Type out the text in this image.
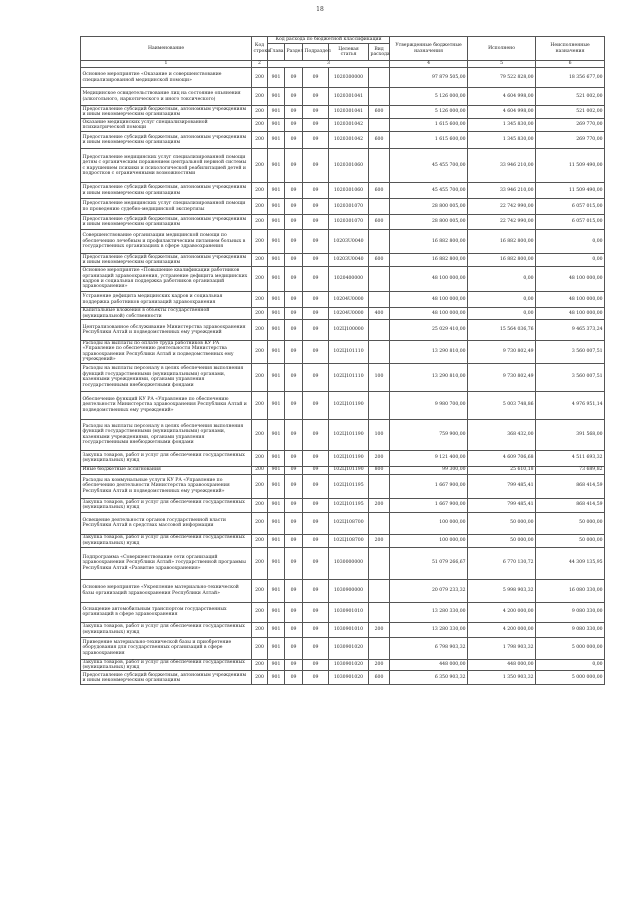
18
Наименование	Код строки	Код расхода по бюджетной классификации					Утвержденные бюджетные назначения	Исполнено	Неисполненные назначения
		Глава	Раздел	Подраздел	Целевая статья	Вид расхода			
1	2	3					4	5	6
Основное мероприятие «Оказание и совершенствование специализированной медицинской помощи»	200	901	09	09	1020300000		97 879 505,00	79 522 828,00	18 356 677,00
Медицинское освидетельствование лиц на состояние опьянения (алкогольного, наркотического и иного токсического)	200	901	09	09	1020301041		5 126 000,00	4 604 998,00	521 002,00
Предоставление субсидий бюджетным, автономным учреждениям и иным некоммерческим организациям	200	901	09	09	1020301041	600	5 126 000,00	4 604 998,00	521 002,00
Оказание медицинских услуг специализированной психиатрической помощи	200	901	09	09	1020301042		1 615 600,00	1 345 830,00	269 770,00
Предоставление субсидий бюджетным, автономным учреждениям и иным некоммерческим организациям	200	901	09	09	1020301042	600	1 615 600,00	1 345 830,00	269 770,00
Предоставление медицинских услуг специализированной помощи детям с органическим поражением центральной нервной системы с нарушением психики и психологической реабилитацией детей и подростков с ограниченными возможностями	200	901	09	09	1020301060		45 455 700,00	33 946 210,00	11 509 490,00
Предоставление субсидий бюджетным, автономным учреждениям и иным некоммерческим организациям	200	901	09	09	1020301060	600	45 455 700,00	33 946 210,00	11 509 490,00
Предоставление медицинских услуг специализированной помощи по проведению судебно-медицинской экспертизы	200	901	09	09	1020301070		28 800 005,00	22 742 990,00	6 057 015,00
Предоставление субсидий бюджетным, автономным учреждениям и иным некоммерческим организациям	200	901	09	09	1020301070	600	28 800 005,00	22 742 990,00	6 057 015,00
Совершенствование организации медицинской помощи по обеспечению лечебным и профилактическим питанием больных в государственных организациях в сфере здравоохранения	200	901	09	09	10203U0040		16 882 800,00	16 882 800,00	0,00
Предоставление субсидий бюджетным, автономным учреждениям и иным некоммерческим организациям	200	901	09	09	10203U0040	600	16 882 800,00	16 882 800,00	0,00
Основное мероприятие «Повышение квалификации работников организаций здравоохранения, устранение дефицита медицинских кадров и социальная поддержка работников организаций здравоохранения»	200	901	09	09	1020400000		48 100 000,00	0,00	48 100 000,00
Устранение дефицита медицинских кадров и социальная поддержка работников организаций здравоохранения	200	901	09	09	10204U0000		48 100 000,00	0,00	48 100 000,00
Капитальные вложения в объекты государственной (муниципальной) собственности	200	901	09	09	10204U0000	400	48 100 000,00	0,00	48 100 000,00
Централизованное обслуживание Министерства здравоохранения Республики Алтай и подведомственных ему учреждений	200	901	09	09	102Ц100000		25 029 410,00	15 564 036,76	9 465 373,24
Расходы на выплаты по оплате труда работников КУ РА «Управление по обеспечению деятельности Министерства здравоохранения Республики Алтай и подведомственных ему учреждений»	200	901	09	09	102Ц101110		13 290 810,00	9 730 802,49	3 560 007,51
Расходы на выплаты персоналу в целях обеспечения выполнения функций государственными (муниципальными) органами, казенными учреждениями, органами управления государственными внебюджетными фондами	200	901	09	09	102Ц101110	100	13 290 810,00	9 730 802,49	3 560 007,51
Обеспечение функций КУ РА «Управление по обеспечению деятельности Министерства здравоохранения Республики Алтай и подведомственных ему учреждений»	200	901	09	09	102Ц101190		9 980 700,00	5 003 748,86	4 976 951,14
Расходы на выплаты персоналу в целях обеспечения выполнения функций государственными (муниципальными) органами, казенными учреждениями, органами управления государственными внебюджетными фондами	200	901	09	09	102Ц101190	100	759 900,00	368 432,00	391 568,00
Закупка товаров, работ и услуг для обеспечения государственных (муниципальных) нужд	200	901	09	09	102Ц101190	200	9 121 400,00	4 609 706,68	4 511 693,32
Иные бюджетные ассигнования	200	901	09	09	102Ц101190	800	99 300,00	25 610,18	73 689,82
Расходы на коммунальные услуги КУ РА «Управление по обеспечению деятельности Министерства здравоохранения Республики Алтай и подведомственных ему учреждений»	200	901	09	09	102Ц101195		1 667 900,00	799 485,41	868 414,59
Закупка товаров, работ и услуг для обеспечения государственных (муниципальных) нужд	200	901	09	09	102Ц101195	200	1 667 900,00	799 485,41	868 414,59
Освещение деятельности органов государственной власти Республики Алтай в средствах массовой информации	200	901	09	09	102Ц108700		100 000,00	50 000,00	50 000,00
Закупка товаров, работ и услуг для обеспечения государственных (муниципальных) нужд	200	901	09	09	102Ц108700	200	100 000,00	50 000,00	50 000,00
Подпрограмма «Совершенствование сети организаций здравоохранения Республики Алтай» государственной программы Республики Алтай «Развитие здравоохранения»	200	901	09	09	1030000000		51 079 266,67	6 770 130,72	44 309 135,95
Основное мероприятие «Укрепление материально-технической базы организаций здравоохранения Республики Алтай»	200	901	09	09	1030900000		20 079 233,32	5 998 903,32	16 080 330,00
Оснащение автомобильным транспортом государственных организаций в сфере здравоохранения	200	901	09	09	1030901010		13 280 330,00	4 200 000,00	9 080 330,00
Закупка товаров, работ и услуг для обеспечения государственных (муниципальных) нужд	200	901	09	09	1030901010	200	13 280 330,00	4 200 000,00	9 080 330,00
Приведение материально-технической базы и приобретение оборудования для государственных организаций в сфере здравоохранения	200	901	09	09	1030901020		6 798 903,32	1 798 903,32	5 000 000,00
Закупка товаров, работ и услуг для обеспечения государственных (муниципальных) нужд	200	901	09	09	1030901020	200	448 000,00	448 000,00	0,00
Предоставление субсидий бюджетным, автономным учреждениям и иным некоммерческим организациям	200	901	09	09	1030901020	600	6 350 903,32	1 350 903,32	5 000 000,00
